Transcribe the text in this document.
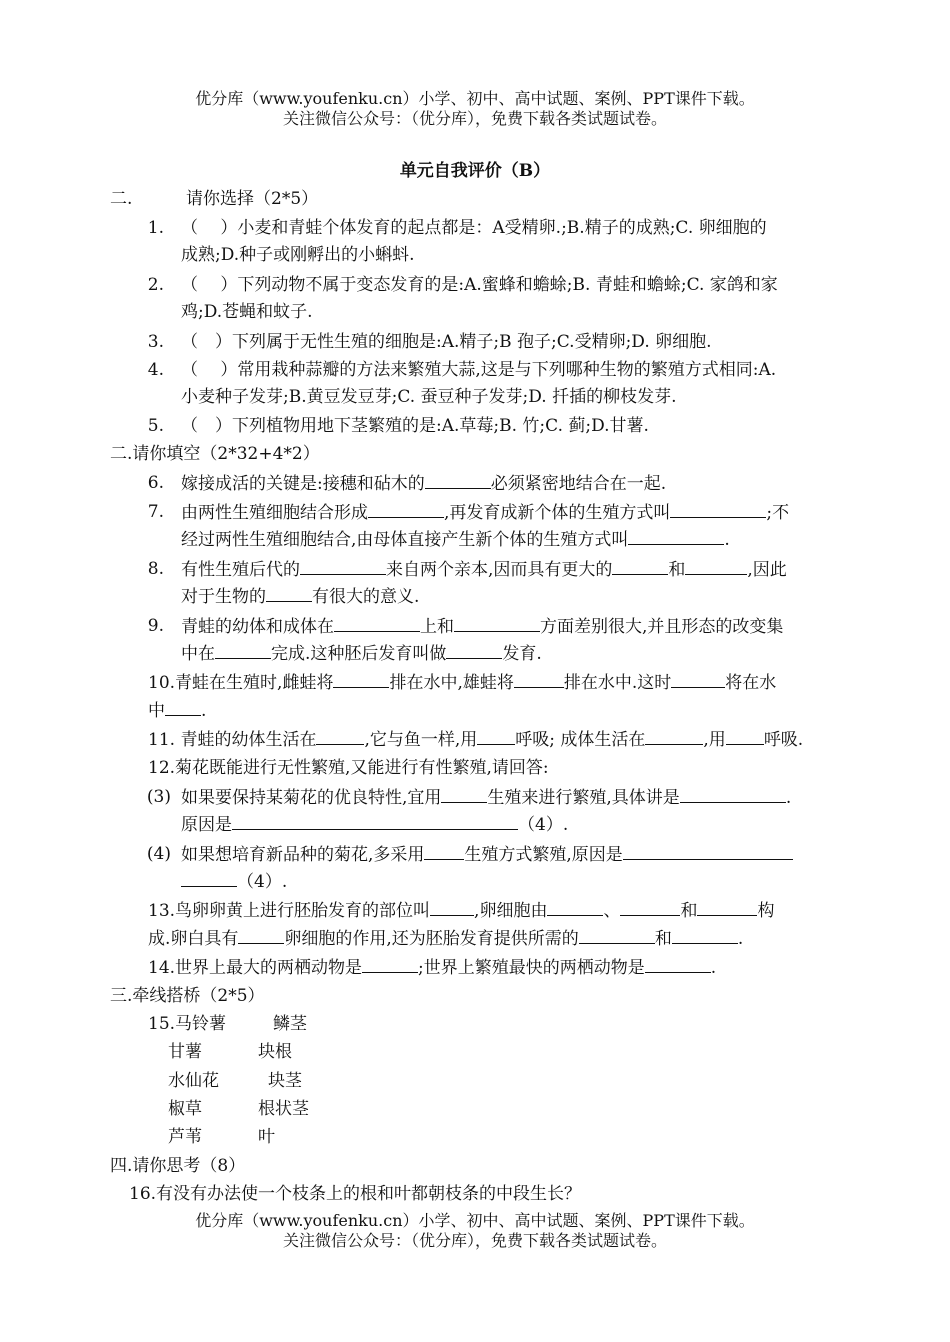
优分库（www.youfenku.cn）小学、初中、高中试题、案例、PPT课件下载。
关注微信公众号：（优分库），免费下载各类试题试卷。
单元自我评价（B）
二.	请你选择（2*5）
1. （　 ）小麦和青蛙个体发育的起点都是：A受精卵.;B.精子的成熟;C. 卵细胞的
成熟;D.种子或刚孵出的小蝌蚪.
2. （　 ）下列动物不属于变态发育的是:A.蜜蜂和蟾蜍;B. 青蛙和蟾蜍;C. 家鸽和家
鸡;D.苍蝇和蚊子.
3. （　）下列属于无性生殖的细胞是:A.精子;B 孢子;C.受精卵;D. 卵细胞.
4. （　 ）常用栽种蒜瓣的方法来繁殖大蒜,这是与下列哪种生物的繁殖方式相同:A.
小麦种子发芽;B.黄豆发豆芽;C. 蚕豆种子发芽;D. 扦插的柳枝发芽.
5. （　）下列植物用地下茎繁殖的是:A.草莓;B. 竹;C. 蓟;D.甘薯.
二.请你填空（2*32+4*2）
6. 嫁接成活的关键是:接穗和砧木的	必须紧密地结合在一起.
7. 由两性生殖细胞结合形成	,再发育成新个体的生殖方式叫	;不
经过两性生殖细胞结合,由母体直接产生新个体的生殖方式叫	.
8. 有性生殖后代的	来自两个亲本,因而具有更大的	和	,因此
对于生物的	有很大的意义.
9. 青蛙的幼体和成体在	上和	方面差别很大,并且形态的改变集
中在	完成.这种胚后发育叫做	发育.
10.青蛙在生殖时,雌蛙将	排在水中,雄蛙将	排在水中.这时	将在水
中 .
11. 青蛙的幼体生活在	,它与鱼一样,用 呼吸; 成体生活在	,用 呼吸.
12.菊花既能进行无性繁殖,又能进行有性繁殖,请回答:
(3) 如果要保持某菊花的优良特性,宜用	生殖来进行繁殖,具体讲是	.
原因是	（4）.
(4) 如果想培育新品种的菊花,多采用 生殖方式繁殖,原因是
（4）.
13.鸟卵卵黄上进行胚胎发育的部位叫	,卵细胞由	、	和	构
成.卵白具有	卵细胞的作用,还为胚胎发育提供所需的	和	.
14.世界上最大的两栖动物是	;世界上繁殖最快的两栖动物是	.
三.牵线搭桥（2*5）
15.马铃薯	鳞茎
甘薯	块根
水仙花	块茎
椒草	根状茎
芦苇	叶
四.请你思考（8）
16.有没有办法使一个枝条上的根和叶都朝枝条的中段生长？
优分库（www.youfenku.cn）小学、初中、高中试题、案例、PPT课件下载。
关注微信公众号：（优分库），免费下载各类试题试卷。
